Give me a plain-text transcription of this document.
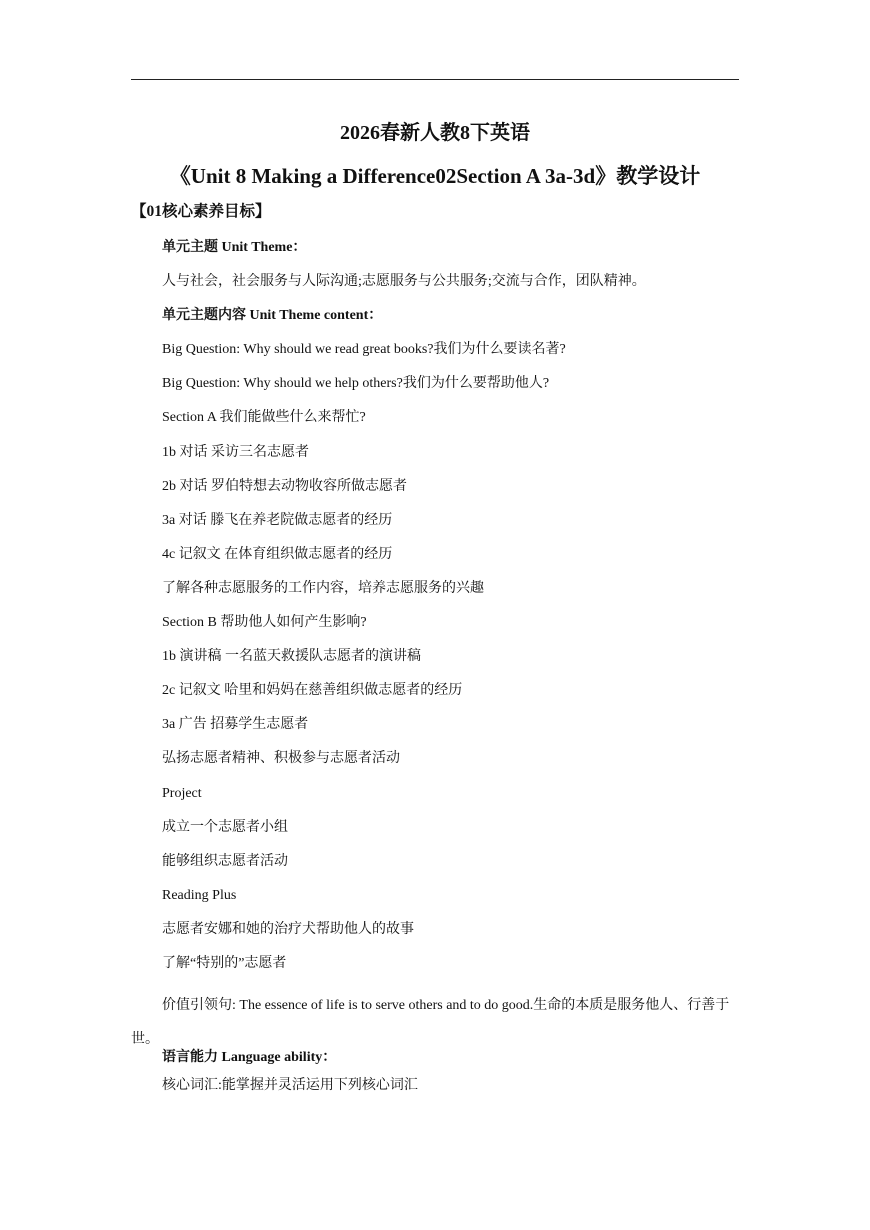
2026春新人教8下英语
《Unit 8 Making a Difference02Section A 3a-3d》教学设计
【01核心素养目标】
单元主题 Unit Theme：
人与社会，社会服务与人际沟通;志愿服务与公共服务;交流与合作，团队精神。
单元主题内容 Unit Theme content：
Big Question: Why should we read great books?我们为什么要读名著?
Big Question: Why should we help others?我们为什么要帮助他人?
Section A 我们能做些什么来帮忙?
1b 对话 采访三名志愿者
2b 对话 罗伯特想去动物收容所做志愿者
3a 对话 滕飞在养老院做志愿者的经历
4c 记叙文 在体育组织做志愿者的经历
了解各种志愿服务的工作内容，培养志愿服务的兴趣
Section B 帮助他人如何产生影响?
1b 演讲稿 一名蓝天救援队志愿者的演讲稿
2c 记叙文 哈里和妈妈在慈善组织做志愿者的经历
3a 广告 招募学生志愿者
弘扬志愿者精神、积极参与志愿者活动
Project
成立一个志愿者小组
能够组织志愿者活动
Reading Plus
志愿者安娜和她的治疗犬帮助他人的故事
了解“特别的”志愿者
价值引领句: The essence of life is to serve others and to do good.生命的本质是服务他人、行善于世。
语言能力 Language ability：
核心词汇:能掌握并灵活运用下列核心词汇
